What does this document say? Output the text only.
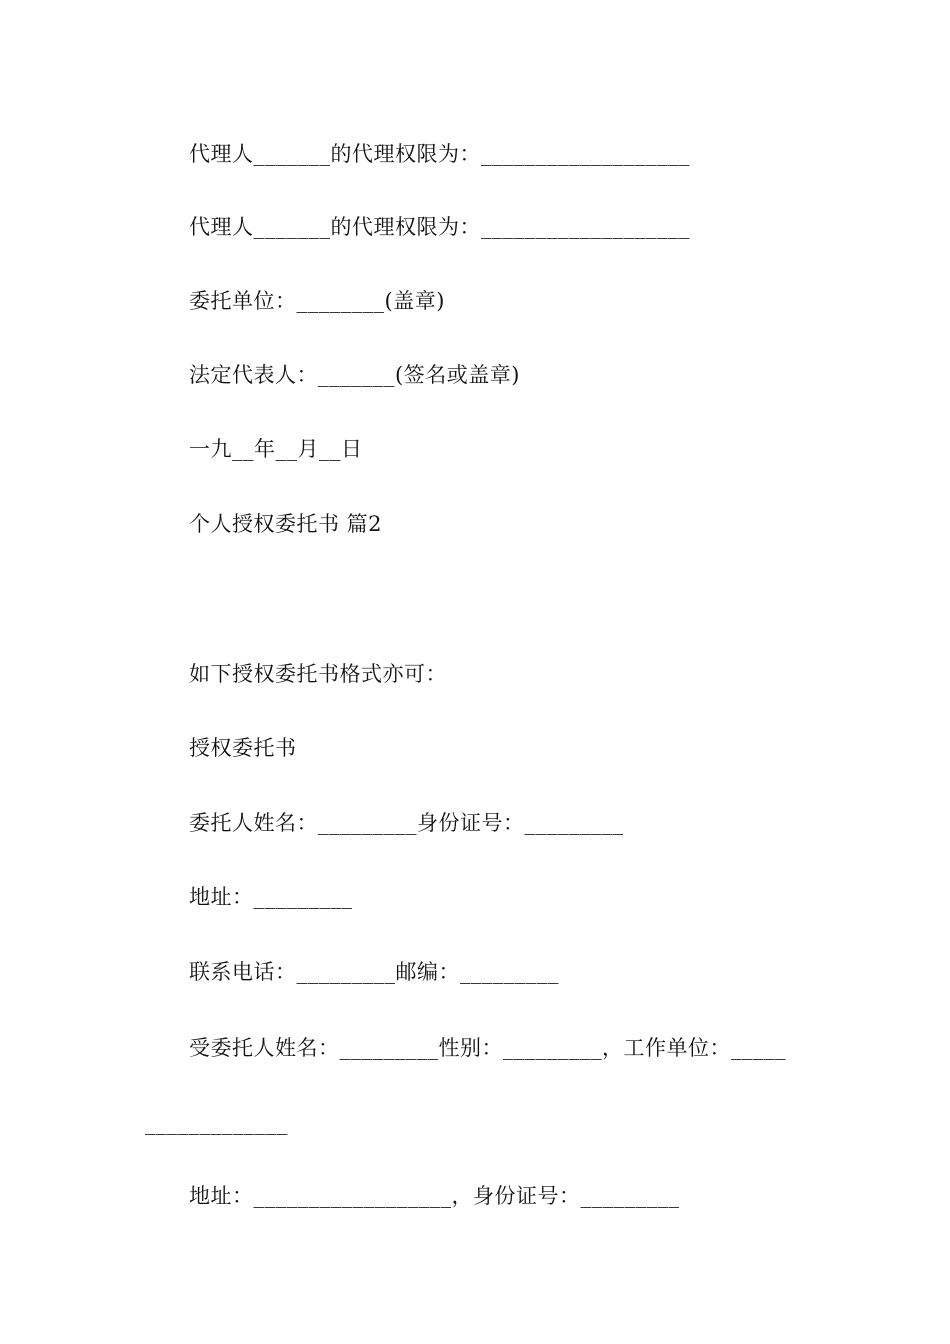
代理人_______的代理权限为：___________________
代理人_______的代理权限为：___________________
委托单位：________(盖章)
法定代表人：_______(签名或盖章)
一九__年__月__日
个人授权委托书 篇2
如下授权委托书格式亦可：
授权委托书
委托人姓名：_________身份证号：_________
地址：_________
联系电话：_________邮编：_________
受委托人姓名：_________性别：_________，工作单位：_____
_____________
地址：__________________，身份证号：_________
